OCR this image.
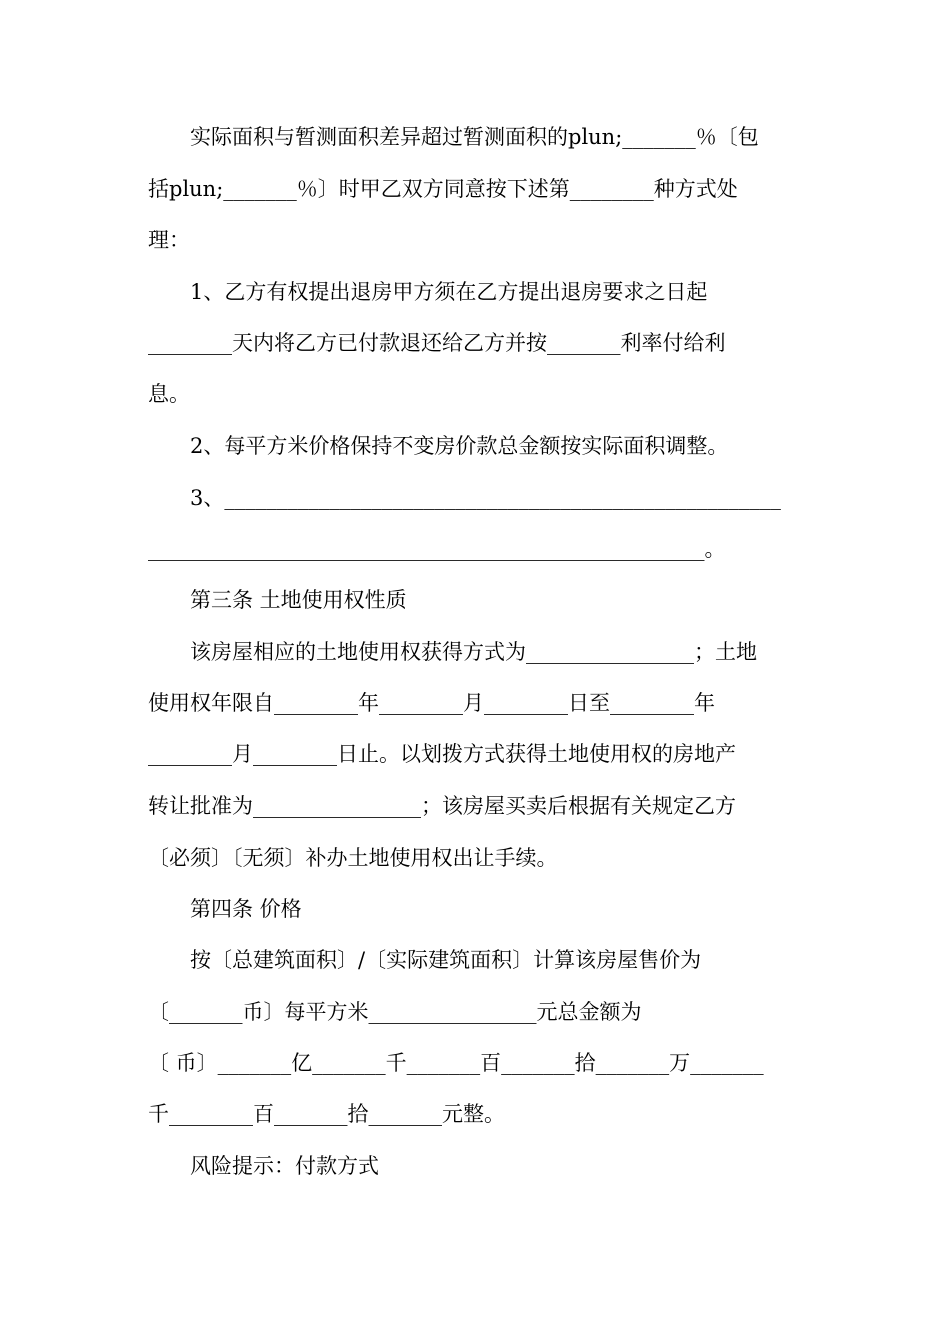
　　实际面积与暂测面积差异超过暂测面积的plun;_______％〔包
括plun;_______％〕时甲乙双方同意按下述第________种方式处
理：
　　1、乙方有权提出退房甲方须在乙方提出退房要求之日起
________天内将乙方已付款退还给乙方并按_______利率付给利
息。
　　2、每平方米价格保持不变房价款总金额按实际面积调整。
　　3、_____________________________________________________
_____________________________________________________。
　　第三条 土地使用权性质
　　该房屋相应的土地使用权获得方式为________________；土地
使用权年限自________年________月________日至________年
________月________日止。以划拨方式获得土地使用权的房地产
转让批准为________________；该房屋买卖后根据有关规定乙方
〔必须〕〔无须〕补办土地使用权出让手续。
　　第四条 价格
　　按〔总建筑面积〕/〔实际建筑面积〕计算该房屋售价为
〔_______币〕每平方米________________元总金额为
〔 币〕_______亿_______千_______百_______拾_______万_______
千________百_______拾_______元整。
　　风险提示：付款方式
